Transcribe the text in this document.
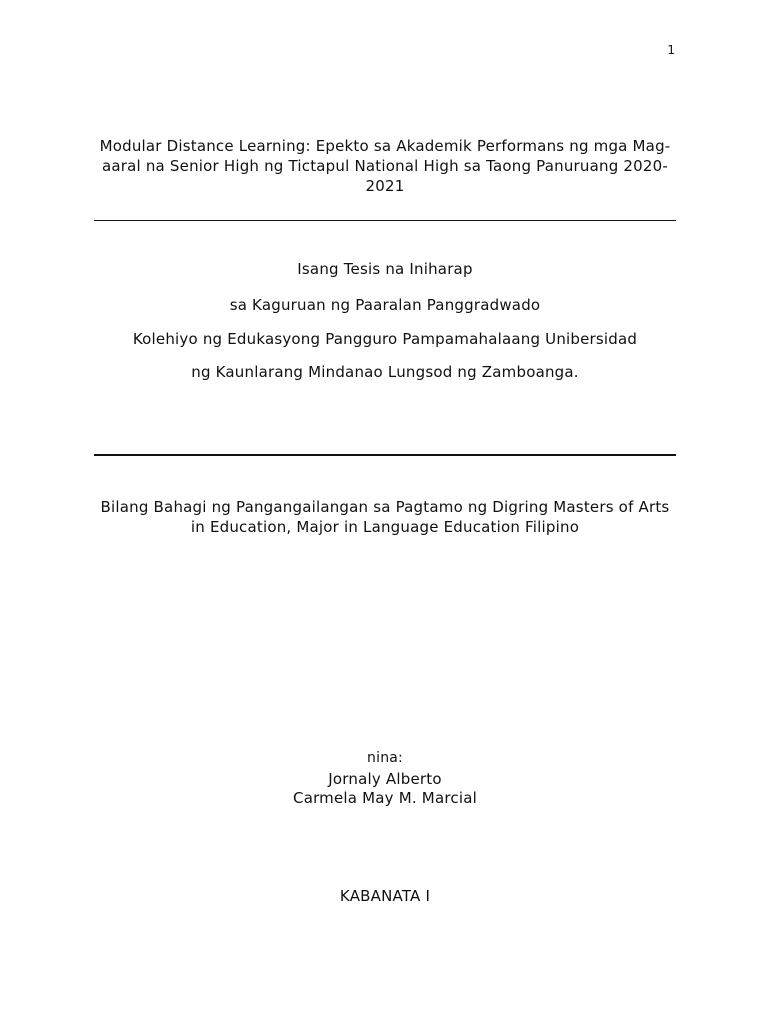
1
Modular Distance Learning: Epekto sa Akademik Performans ng mga Mag-aaral na Senior High ng Tictapul National High sa Taong Panuruang 2020-2021
Isang Tesis na Iniharap
sa Kaguruan ng Paaralan Panggradwado
Kolehiyo ng Edukasyong Pangguro Pampamahalaang Unibersidad
ng Kaunlarang Mindanao Lungsod ng Zamboanga.
Bilang Bahagi ng Pangangailangan sa Pagtamo ng Digring Masters of Arts in Education, Major in Language Education Filipino
nina:
Jornaly Alberto
Carmela May M. Marcial
KABANATA I
